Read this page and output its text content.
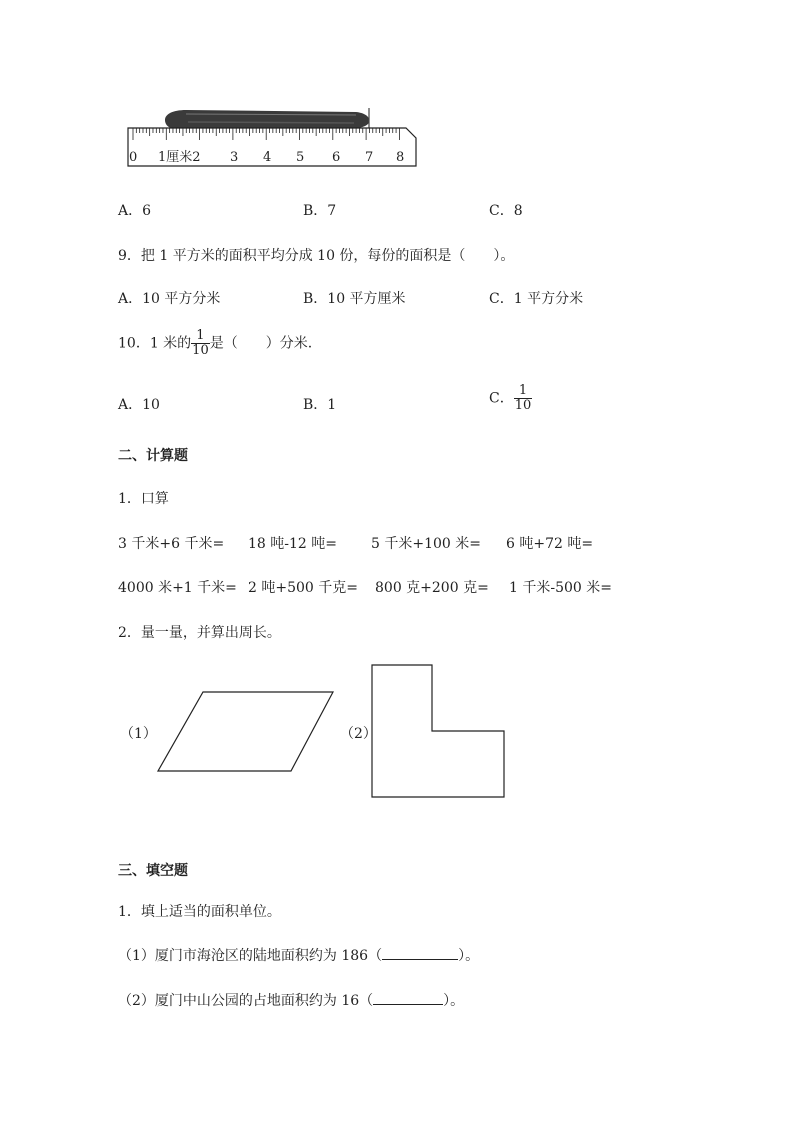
0 1厘米2 3 4 5 6 7 8
A．6	B．7	C．8
9．把 1 平方米的面积平均分成 10 份，每份的面积是（　　）。
A．10 平方分米	B．10 平方厘米	C．1 平方分米
10．1 米的 $\frac{1}{10}$ 是（　　）分米.
A．10	B．1	C． $\frac{1}{10}$
二、计算题
1．口算
3 千米+6 千米= 18 吨-12 吨= 5 千米+100 米= 6 吨+72 吨=
4000 米+1 千米= 2 吨+500 千克= 800 克+200 克= 1 千米-500 米=
2．量一量，并算出周长。
（1）	（2）
三、填空题
1．填上适当的面积单位。
（1）厦门市海沧区的陆地面积约为 186（	）。
（2）厦门中山公园的占地面积约为 16（	）。
